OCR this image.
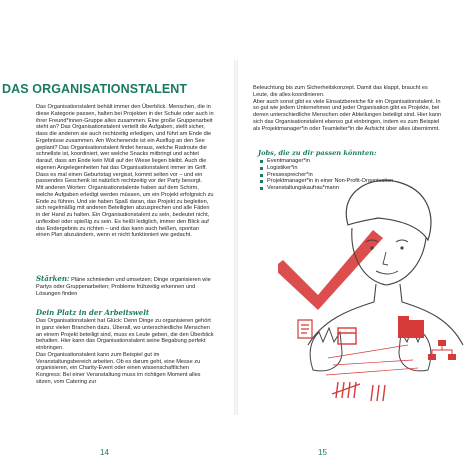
DAS ORGANISATIONSTALENT

Das Organisationstalent behält immer den Überblick. Menschen, die in diese Kategorie passen, halten bei Projekten in der Schule oder auch in ihrer Freund*innen-Gruppe alles zusammen. Eine große Gruppenarbeit steht an? Das Organisationstalent verteilt die Aufgaben, stellt sicher, dass die anderen sie auch rechtzeitig erledigen, und führt am Ende die Ergebnisse zusammen. Am Wochenende ist ein Ausflug an den See geplant? Das Organisationstalent findet heraus, welche Radroute die schnellste ist, koordiniert, wer welche Snacks mitbringt und achtet darauf, dass am Ende kein Müll auf der Wiese liegen bleibt. Auch die eigenen Angelegenheiten hat das Organisationstalent immer im Griff. Dass es mal einen Geburtstag vergisst, kommt selten vor – und ein passendes Geschenk ist natürlich rechtzeitig vor der Party besorgt.

Mit anderen Worten: Organisationstalente haben auf dem Schirm, welche Aufgaben erledigt werden müssen, um ein Projekt erfolgreich zu Ende zu führen. Und sie haben Spaß daran, das Projekt zu begleiten, sich regelmäßig mit anderen Beteiligten abzusprechen und alle Fäden in der Hand zu halten. Ein Organisationstalent zu sein, bedeutet nicht, unflexibel oder spießig zu sein. Es heißt lediglich, immer den Blick auf das Endergebnis zu richten – und das kann auch heißen, spontan einen Plan abzuändern, wenn er nicht funktioniert wie gedacht.

Stärken: Pläne schmieden und umsetzen; Dinge organisieren wie Partys oder Gruppenarbeiten; Probleme frühzeitig erkennen und Lösungen finden
Dein Platz in der Arbeitswelt

Das Organisationstalent hat Glück: Denn Dinge zu organisieren gehört in ganz vielen Branchen dazu. Überall, wo unterschiedliche Menschen an einem Projekt beteiligt sind, muss es Leute geben, die den Überblick behalten. Hier kann das Organisationstalent seine Begabung perfekt einbringen.

Das Organisationstalent kann zum Beispiel gut im Veranstaltungsbereich arbeiten. Ob es darum geht, eine Messe zu organisieren, ein Charity-Event oder einen wissenschaftlichen Kongress: Bei einer Veranstaltung muss im richtigen Moment alles sitzen, vom Catering zur

14

Beleuchtung bis zum Sicherheitskonzept. Damit das klappt, braucht es Leute, die alles koordinieren.

Aber auch sonst gibt es viele Einsatzbereiche für ein Organisationstalent. In so gut wie jedem Unternehmen und jeder Organisation gibt es Projekte, bei denen unterschiedliche Menschen oder Abteilungen beteiligt sind. Hier kann sich das Organisationstalent ebenso gut einbringen, indem es zum Beispiel als Projektmanager*in oder Teamleiter*in die Aufsicht über alles übernimmt.

Jobs, die zu dir passen könnten:
Eventmanager*in
Logistiker*in
Pressesprecher*in
Projektmanager*in in einer Non-Profit-Organisation
Veranstaltungskaufrau*mann
15
